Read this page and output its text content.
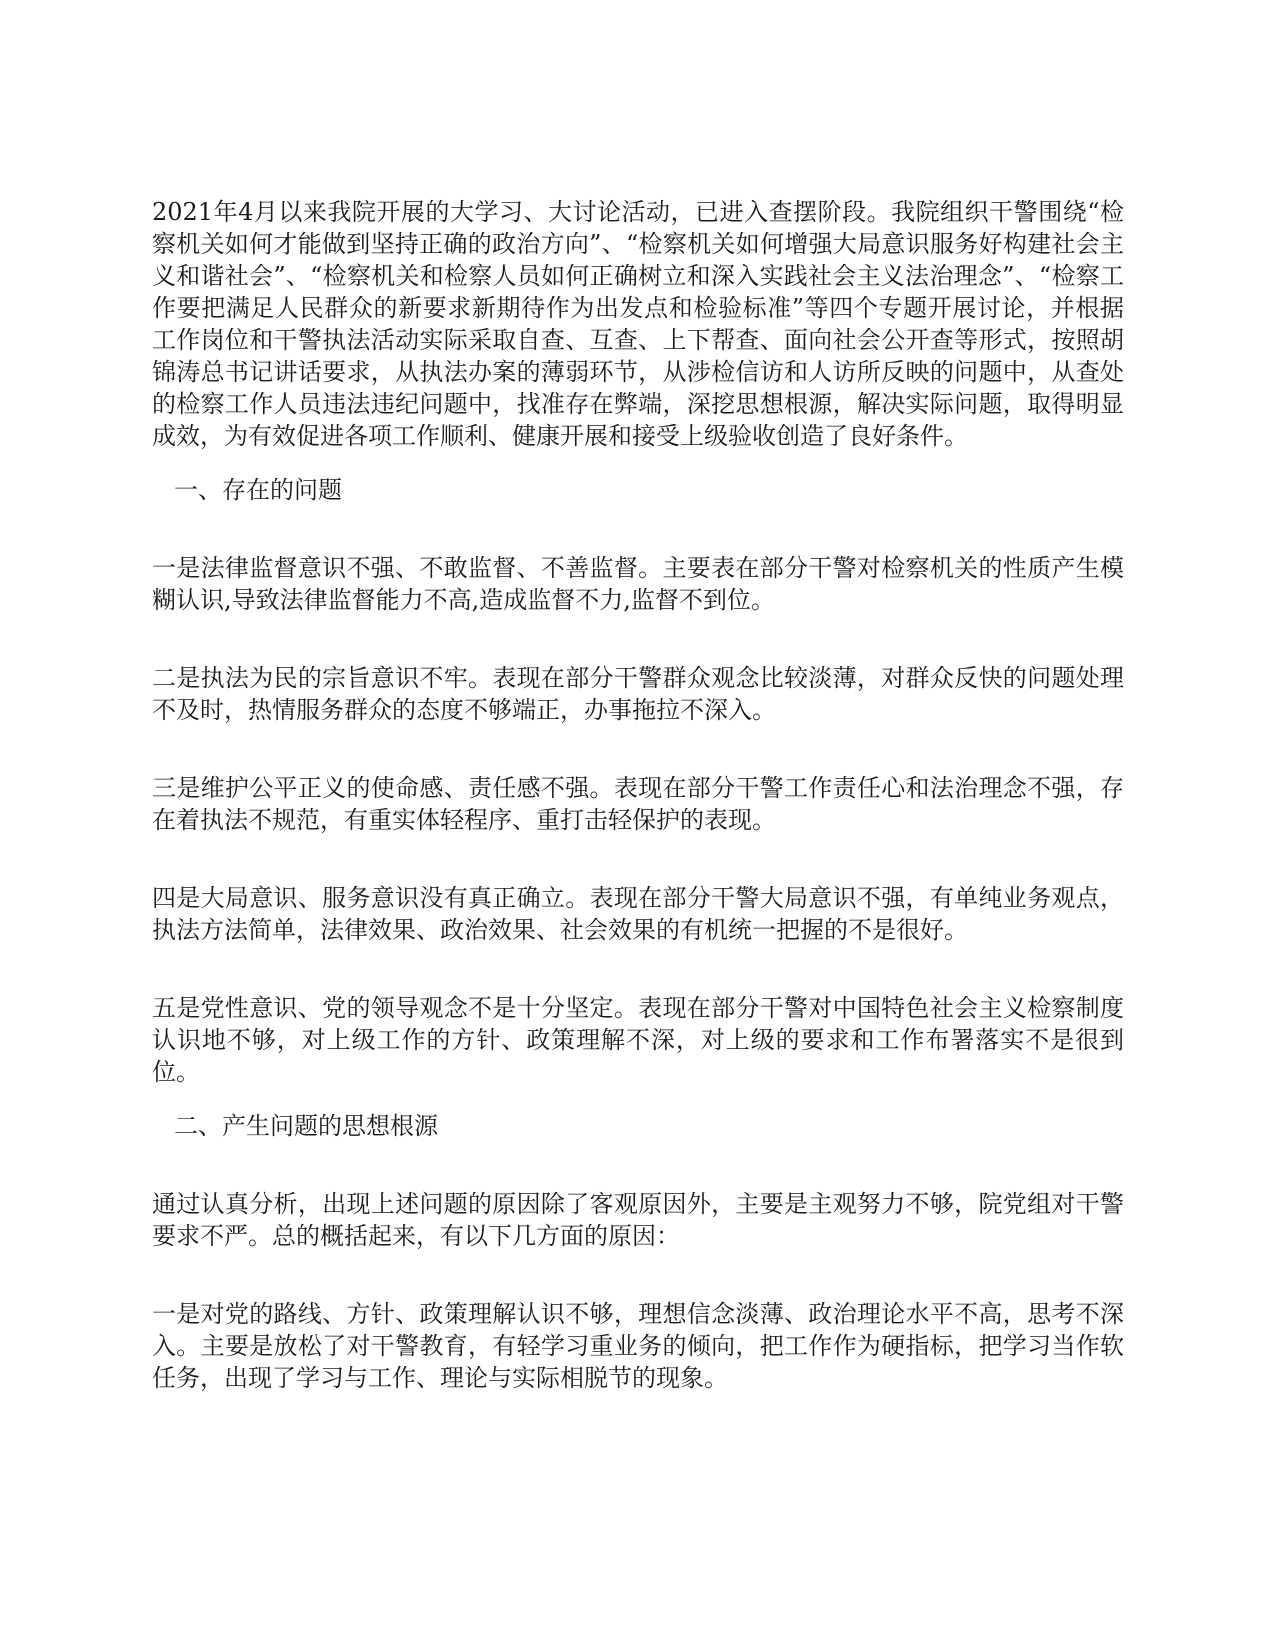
2021年4月以来我院开展的大学习、大讨论活动，已进入查摆阶段。我院组织干警围绕“检察机关如何才能做到坚持正确的政治方向”、“检察机关如何增强大局意识服务好构建社会主义和谐社会”、“检察机关和检察人员如何正确树立和深入实践社会主义法治理念”、“检察工作要把满足人民群众的新要求新期待作为出发点和检验标准”等四个专题开展讨论，并根据工作岗位和干警执法活动实际采取自查、互查、上下帮查、面向社会公开查等形式，按照胡锦涛总书记讲话要求，从执法办案的薄弱环节，从涉检信访和人访所反映的问题中，从查处的检察工作人员违法违纪问题中，找准存在弊端，深挖思想根源，解决实际问题，取得明显成效，为有效促进各项工作顺利、健康开展和接受上级验收创造了良好条件。

一、存在的问题

一是法律监督意识不强、不敢监督、不善监督。主要表在部分干警对检察机关的性质产生模糊认识,导致法律监督能力不高,造成监督不力,监督不到位。

二是执法为民的宗旨意识不牢。表现在部分干警群众观念比较淡薄，对群众反快的问题处理不及时，热情服务群众的态度不够端正，办事拖拉不深入。

三是维护公平正义的使命感、责任感不强。表现在部分干警工作责任心和法治理念不强，存在着执法不规范，有重实体轻程序、重打击轻保护的表现。

四是大局意识、服务意识没有真正确立。表现在部分干警大局意识不强，有单纯业务观点，执法方法简单，法律效果、政治效果、社会效果的有机统一把握的不是很好。

五是党性意识、党的领导观念不是十分坚定。表现在部分干警对中国特色社会主义检察制度认识地不够，对上级工作的方针、政策理解不深，对上级的要求和工作布署落实不是很到位。

二、产生问题的思想根源

通过认真分析，出现上述问题的原因除了客观原因外，主要是主观努力不够，院党组对干警要求不严。总的概括起来，有以下几方面的原因：

一是对党的路线、方针、政策理解认识不够，理想信念淡薄、政治理论水平不高，思考不深入。主要是放松了对干警教育，有轻学习重业务的倾向，把工作作为硬指标，把学习当作软任务，出现了学习与工作、理论与实际相脱节的现象。
